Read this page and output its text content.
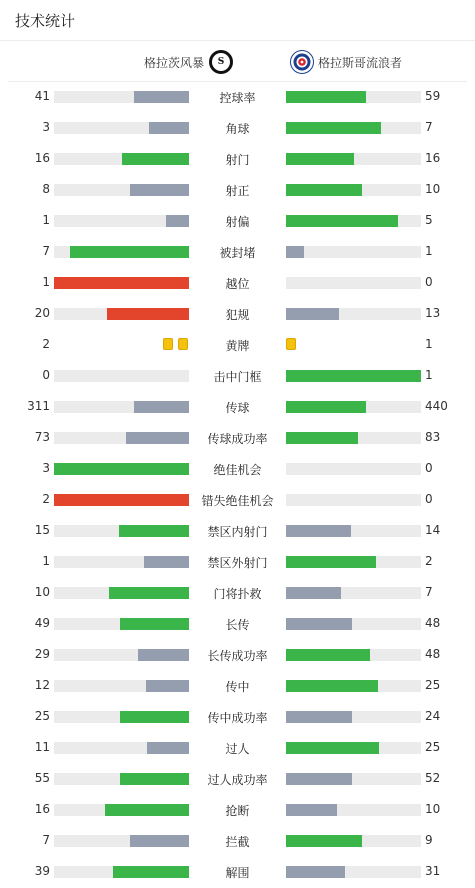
技术统计
格拉茨风暴	S	格拉斯哥流浪者
41	控球率	59
3	角球	7
16	射门	16
8	射正	10
1	射偏	5
7	被封堵	1
1	越位	0
20	犯规	13
2	黄牌	1
0	击中门框	1
311	传球	440
73	传球成功率	83
3	绝佳机会	0
2	错失绝佳机会	0
15	禁区内射门	14
1	禁区外射门	2
10	门将扑救	7
49	长传	48
29	长传成功率	48
12	传中	25
25	传中成功率	24
11	过人	25
55	过人成功率	52
16	抢断	10
7	拦截	9
39	解围	31
